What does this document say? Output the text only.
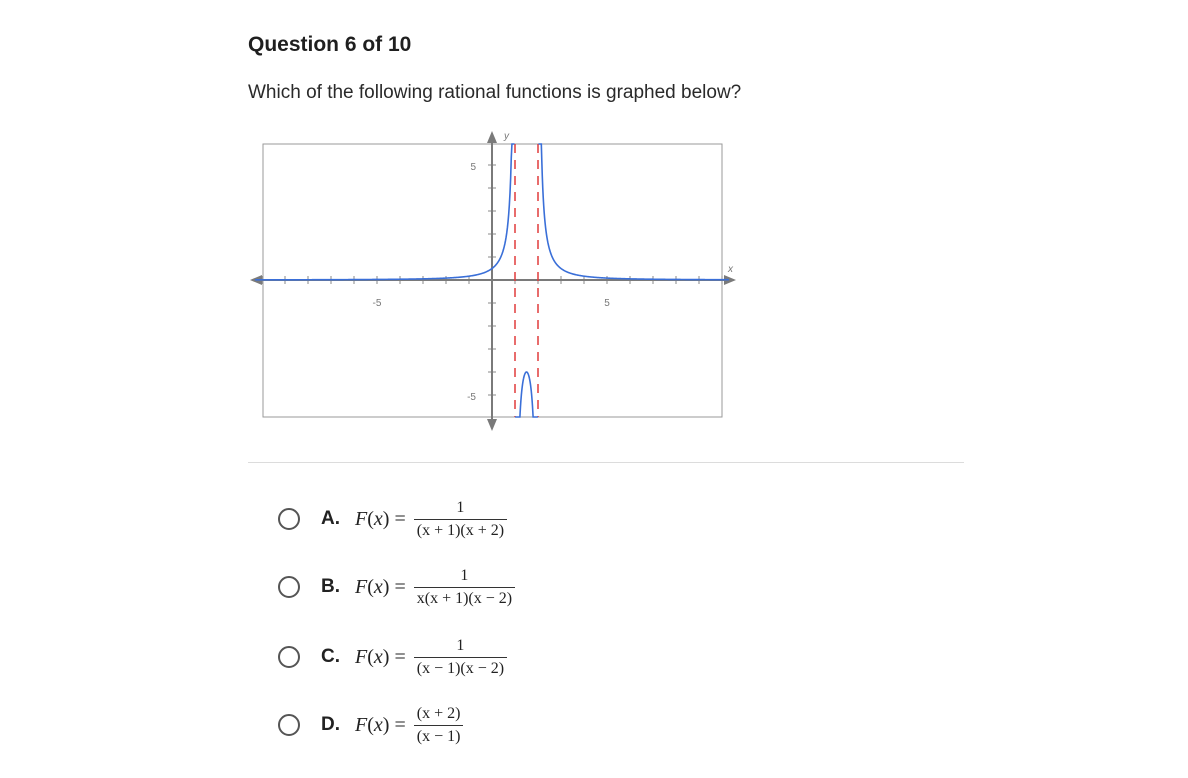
Question 6 of 10
Which of the following rational functions is graphed below?
x
y
-5	5
5
-5
A. $F(x) = \frac{1}{(x + 1)(x + 2)}$
B. $F(x) = \frac{1}{x(x + 1)(x - 2)}$
C. $F(x) = \frac{1}{(x - 1)(x - 2)}$
D. $F(x) = \frac{(x + 2)}{(x - 1)}$
